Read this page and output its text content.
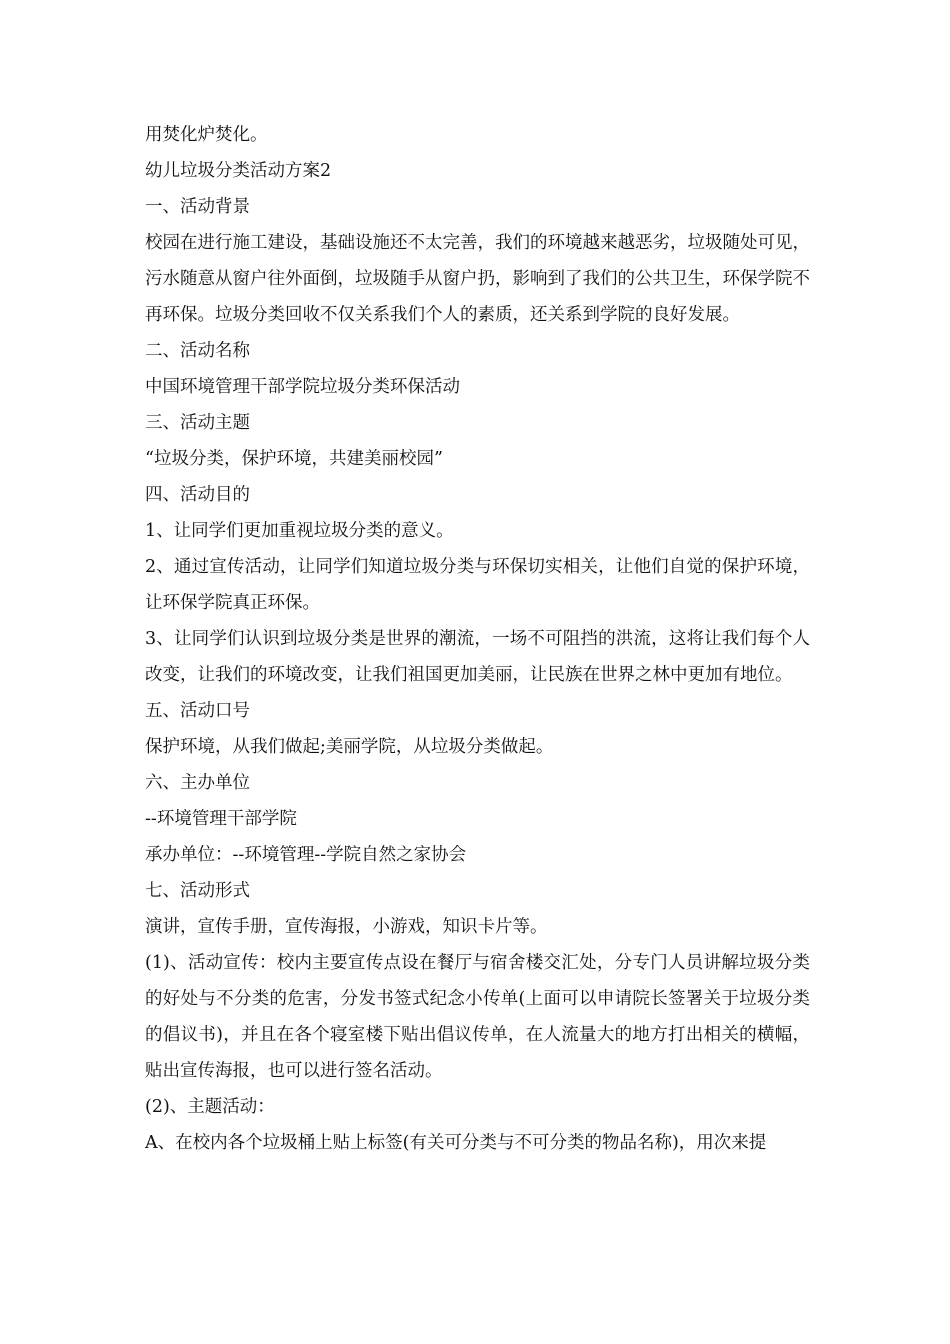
用焚化炉焚化。

幼儿垃圾分类活动方案2

一、活动背景

校园在进行施工建设，基础设施还不太完善，我们的环境越来越恶劣，垃圾随处可见，污水随意从窗户往外面倒，垃圾随手从窗户扔，影响到了我们的公共卫生，环保学院不再环保。垃圾分类回收不仅关系我们个人的素质，还关系到学院的良好发展。

二、活动名称

中国环境管理干部学院垃圾分类环保活动

三、活动主题

“垃圾分类，保护环境，共建美丽校园”

四、活动目的

1、让同学们更加重视垃圾分类的意义。

2、通过宣传活动，让同学们知道垃圾分类与环保切实相关，让他们自觉的保护环境，让环保学院真正环保。

3、让同学们认识到垃圾分类是世界的潮流，一场不可阻挡的洪流，这将让我们每个人改变，让我们的环境改变，让我们祖国更加美丽，让民族在世界之林中更加有地位。

五、活动口号

保护环境，从我们做起;美丽学院，从垃圾分类做起。

六、主办单位

--环境管理干部学院

承办单位：--环境管理--学院自然之家协会

七、活动形式

演讲，宣传手册，宣传海报，小游戏，知识卡片等。

(1)、活动宣传：校内主要宣传点设在餐厅与宿舍楼交汇处，分专门人员讲解垃圾分类的好处与不分类的危害，分发书签式纪念小传单(上面可以申请院长签署关于垃圾分类的倡议书)，并且在各个寝室楼下贴出倡议传单，在人流量大的地方打出相关的横幅，贴出宣传海报，也可以进行签名活动。

(2)、主题活动：

A、在校内各个垃圾桶上贴上标签(有关可分类与不可分类的物品名称)，用次来提
